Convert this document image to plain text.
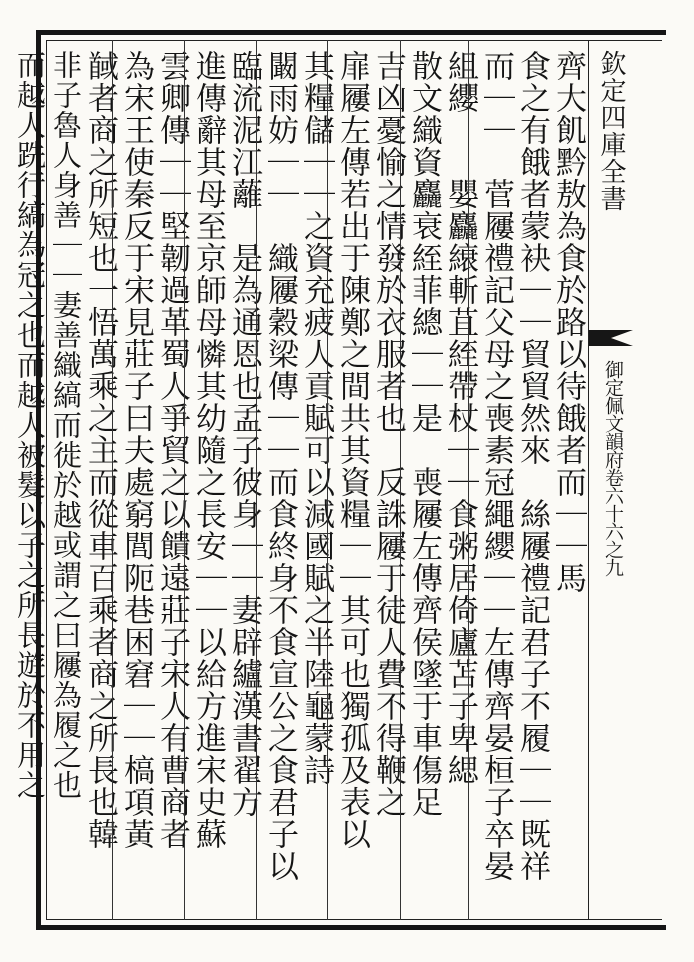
欽定四庫全書
御定佩文韻府卷六十六之九
齊大飢黔敖為食於路以待餓者而｜｜馬
食之有餓者蒙袂｜｜貿貿然來　絲屨禮記君子不履｜｜既祥
而｜｜　菅屨禮記父母之喪素冠繩纓｜｜左傳齊晏桓子卒晏
組纓　　嬰麤縗斬苴絰帶杖｜｜食粥居倚廬苫子卑緦
散文織資麤衰絰菲總｜｜是　喪屨左傳齊侯墜于車傷足
吉凶憂愉之情發於衣服者也　反誅屨于徒人費不得鞭之
扉屨左傳若出于陳鄭之間共其資糧｜｜其可也獨孤及表以
其糧儲｜｜之資充疲人貢賦可以減國賦之半陸龜蒙詩
闞雨妨｜｜　織屨穀梁傳｜｜而食終身不食宣公之食君子以
臨流泥江蘺　是為通恩也孟子彼身｜｜妻辟纑漢書翟方
進傳辭其母至京師母憐其幼隨之長安｜｜以給方進宋史蘇
雲卿傳｜｜堅韌過革蜀人爭貿之以饋遠莊子宋人有曹商者
為宋王使秦反于宋見莊子曰夫處窮閭阨巷困窘｜｜槁項黃
馘者商之所短也一悟萬乘之主而從車百乘者商之所長也韓
非子魯人身善｜｜妻善織縞而徙於越或謂之曰屨為履之也
而越人跣行縞為冠之也而越人被髮以子之所長遊於不用之
